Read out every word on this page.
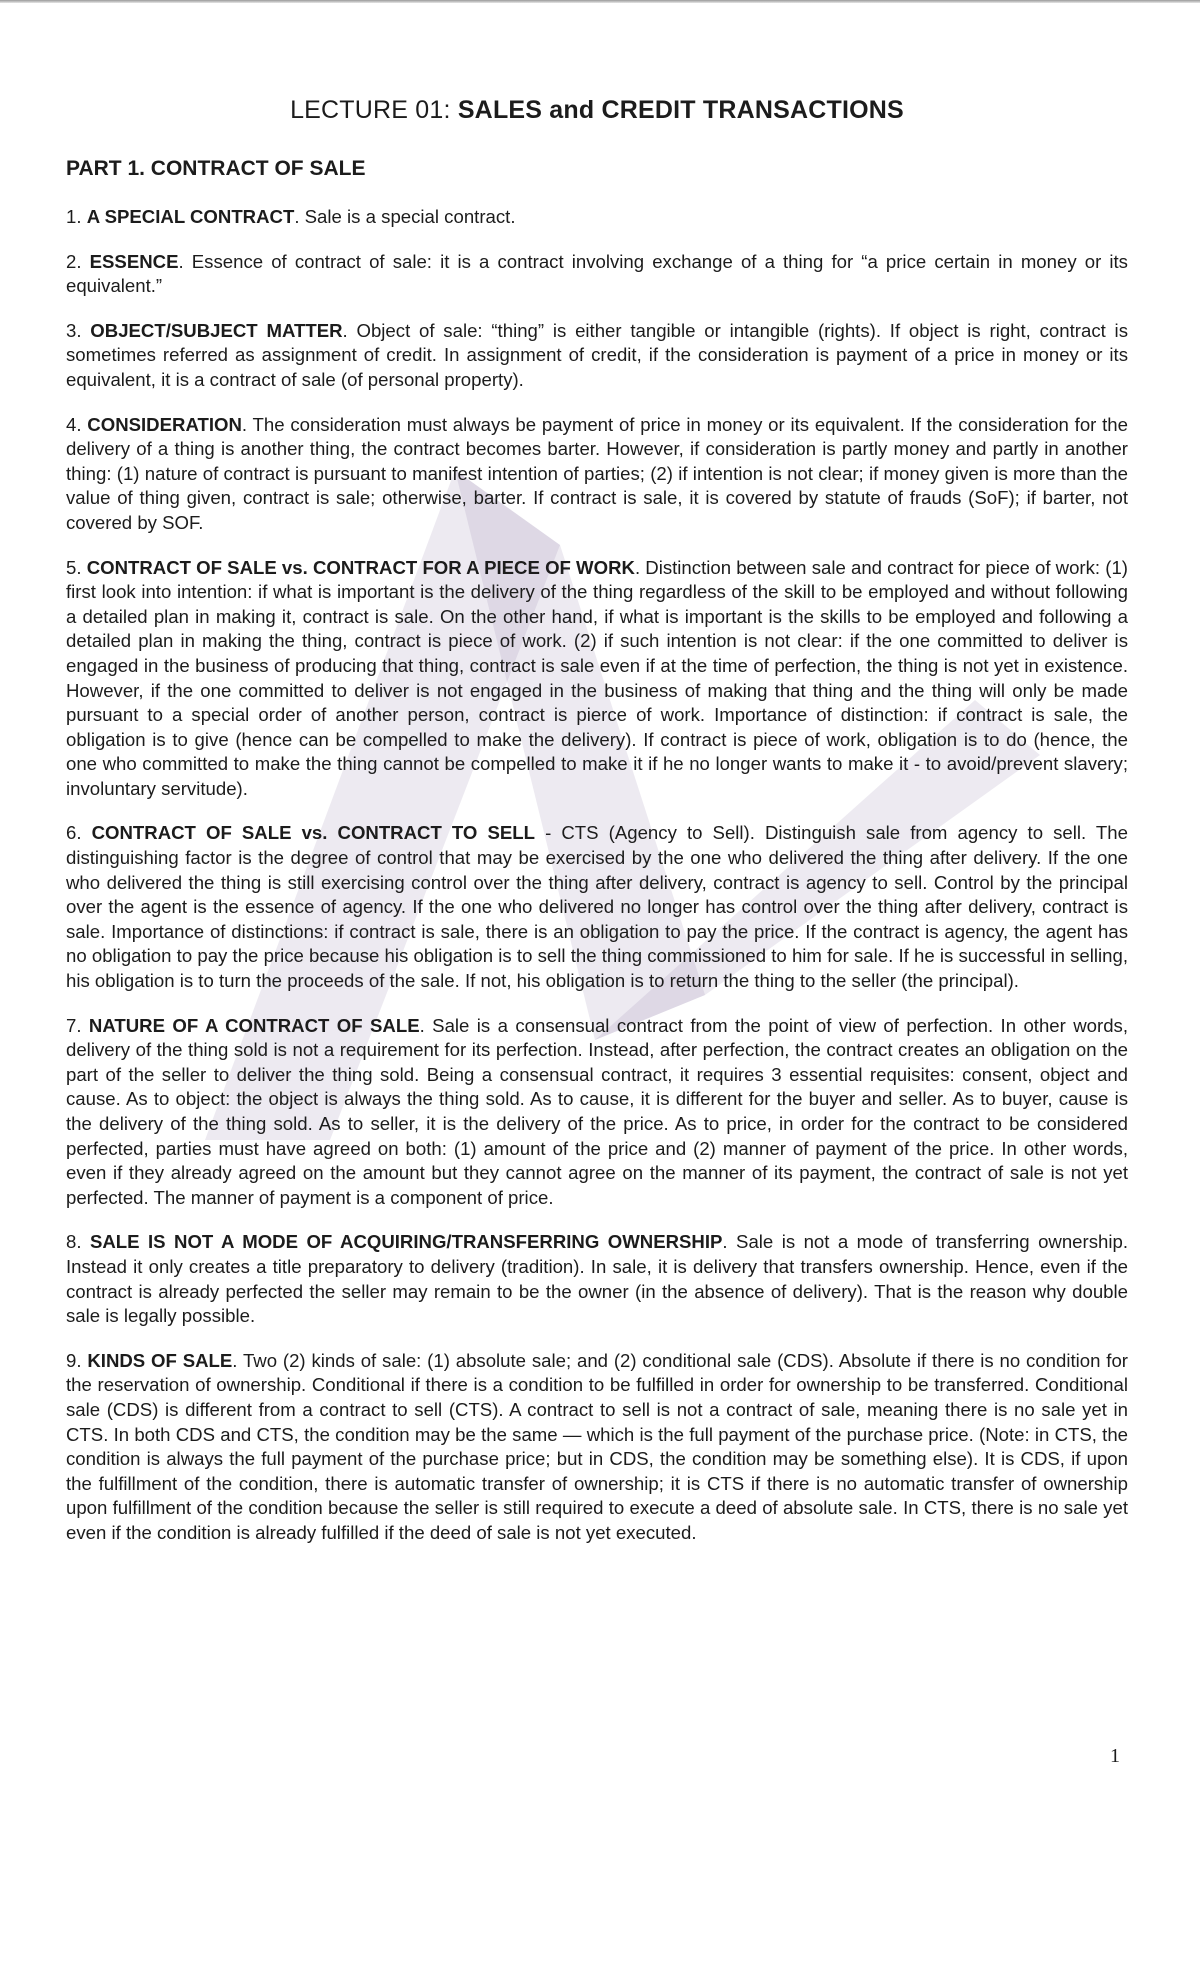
LECTURE 01: SALES and CREDIT TRANSACTIONS
PART 1. CONTRACT OF SALE

1. A SPECIAL CONTRACT. Sale is a special contract.

2. ESSENCE. Essence of contract of sale: it is a contract involving exchange of a thing for “a price certain in money or its equivalent.”

3. OBJECT/SUBJECT MATTER. Object of sale: “thing” is either tangible or intangible (rights). If object is right, contract is sometimes referred as assignment of credit. In assignment of credit, if the consideration is payment of a price in money or its equivalent, it is a contract of sale (of personal property).

4. CONSIDERATION. The consideration must always be payment of price in money or its equivalent. If the consideration for the delivery of a thing is another thing, the contract becomes barter. However, if consideration is partly money and partly in another thing: (1) nature of contract is pursuant to manifest intention of parties; (2) if intention is not clear; if money given is more than the value of thing given, contract is sale; otherwise, barter. If contract is sale, it is covered by statute of frauds (SoF); if barter, not covered by SOF.

5. CONTRACT OF SALE vs. CONTRACT FOR A PIECE OF WORK. Distinction between sale and contract for piece of work: (1) first look into intention: if what is important is the delivery of the thing regardless of the skill to be employed and without following a detailed plan in making it, contract is sale. On the other hand, if what is important is the skills to be employed and following a detailed plan in making the thing, contract is piece of work. (2) if such intention is not clear: if the one committed to deliver is engaged in the business of producing that thing, contract is sale even if at the time of perfection, the thing is not yet in existence. However, if the one committed to deliver is not engaged in the business of making that thing and the thing will only be made pursuant to a special order of another person, contract is pierce of work. Importance of distinction: if contract is sale, the obligation is to give (hence can be compelled to make the delivery). If contract is piece of work, obligation is to do (hence, the one who committed to make the thing cannot be compelled to make it if he no longer wants to make it - to avoid/prevent slavery; involuntary servitude).

6. CONTRACT OF SALE vs. CONTRACT TO SELL - CTS (Agency to Sell). Distinguish sale from agency to sell. The distinguishing factor is the degree of control that may be exercised by the one who delivered the thing after delivery. If the one who delivered the thing is still exercising control over the thing after delivery, contract is agency to sell. Control by the principal over the agent is the essence of agency. If the one who delivered no longer has control over the thing after delivery, contract is sale. Importance of distinctions: if contract is sale, there is an obligation to pay the price. If the contract is agency, the agent has no obligation to pay the price because his obligation is to sell the thing commissioned to him for sale. If he is successful in selling, his obligation is to turn the proceeds of the sale. If not, his obligation is to return the thing to the seller (the principal).

7. NATURE OF A CONTRACT OF SALE. Sale is a consensual contract from the point of view of perfection. In other words, delivery of the thing sold is not a requirement for its perfection. Instead, after perfection, the contract creates an obligation on the part of the seller to deliver the thing sold. Being a consensual contract, it requires 3 essential requisites: consent, object and cause. As to object: the object is always the thing sold. As to cause, it is different for the buyer and seller. As to buyer, cause is the delivery of the thing sold. As to seller, it is the delivery of the price. As to price, in order for the contract to be considered perfected, parties must have agreed on both: (1) amount of the price and (2) manner of payment of the price. In other words, even if they already agreed on the amount but they cannot agree on the manner of its payment, the contract of sale is not yet perfected. The manner of payment is a component of price.

8. SALE IS NOT A MODE OF ACQUIRING/TRANSFERRING OWNERSHIP. Sale is not a mode of transferring ownership. Instead it only creates a title preparatory to delivery (tradition). In sale, it is delivery that transfers ownership. Hence, even if the contract is already perfected the seller may remain to be the owner (in the absence of delivery). That is the reason why double sale is legally possible.

9. KINDS OF SALE. Two (2) kinds of sale: (1) absolute sale; and (2) conditional sale (CDS). Absolute if there is no condition for the reservation of ownership. Conditional if there is a condition to be fulfilled in order for ownership to be transferred. Conditional sale (CDS) is different from a contract to sell (CTS). A contract to sell is not a contract of sale, meaning there is no sale yet in CTS. In both CDS and CTS, the condition may be the same — which is the full payment of the purchase price. (Note: in CTS, the condition is always the full payment of the purchase price; but in CDS, the condition may be something else). It is CDS, if upon the fulfillment of the condition, there is automatic transfer of ownership; it is CTS if there is no automatic transfer of ownership upon fulfillment of the condition because the seller is still required to execute a deed of absolute sale. In CTS, there is no sale yet even if the condition is already fulfilled if the deed of sale is not yet executed.

1
